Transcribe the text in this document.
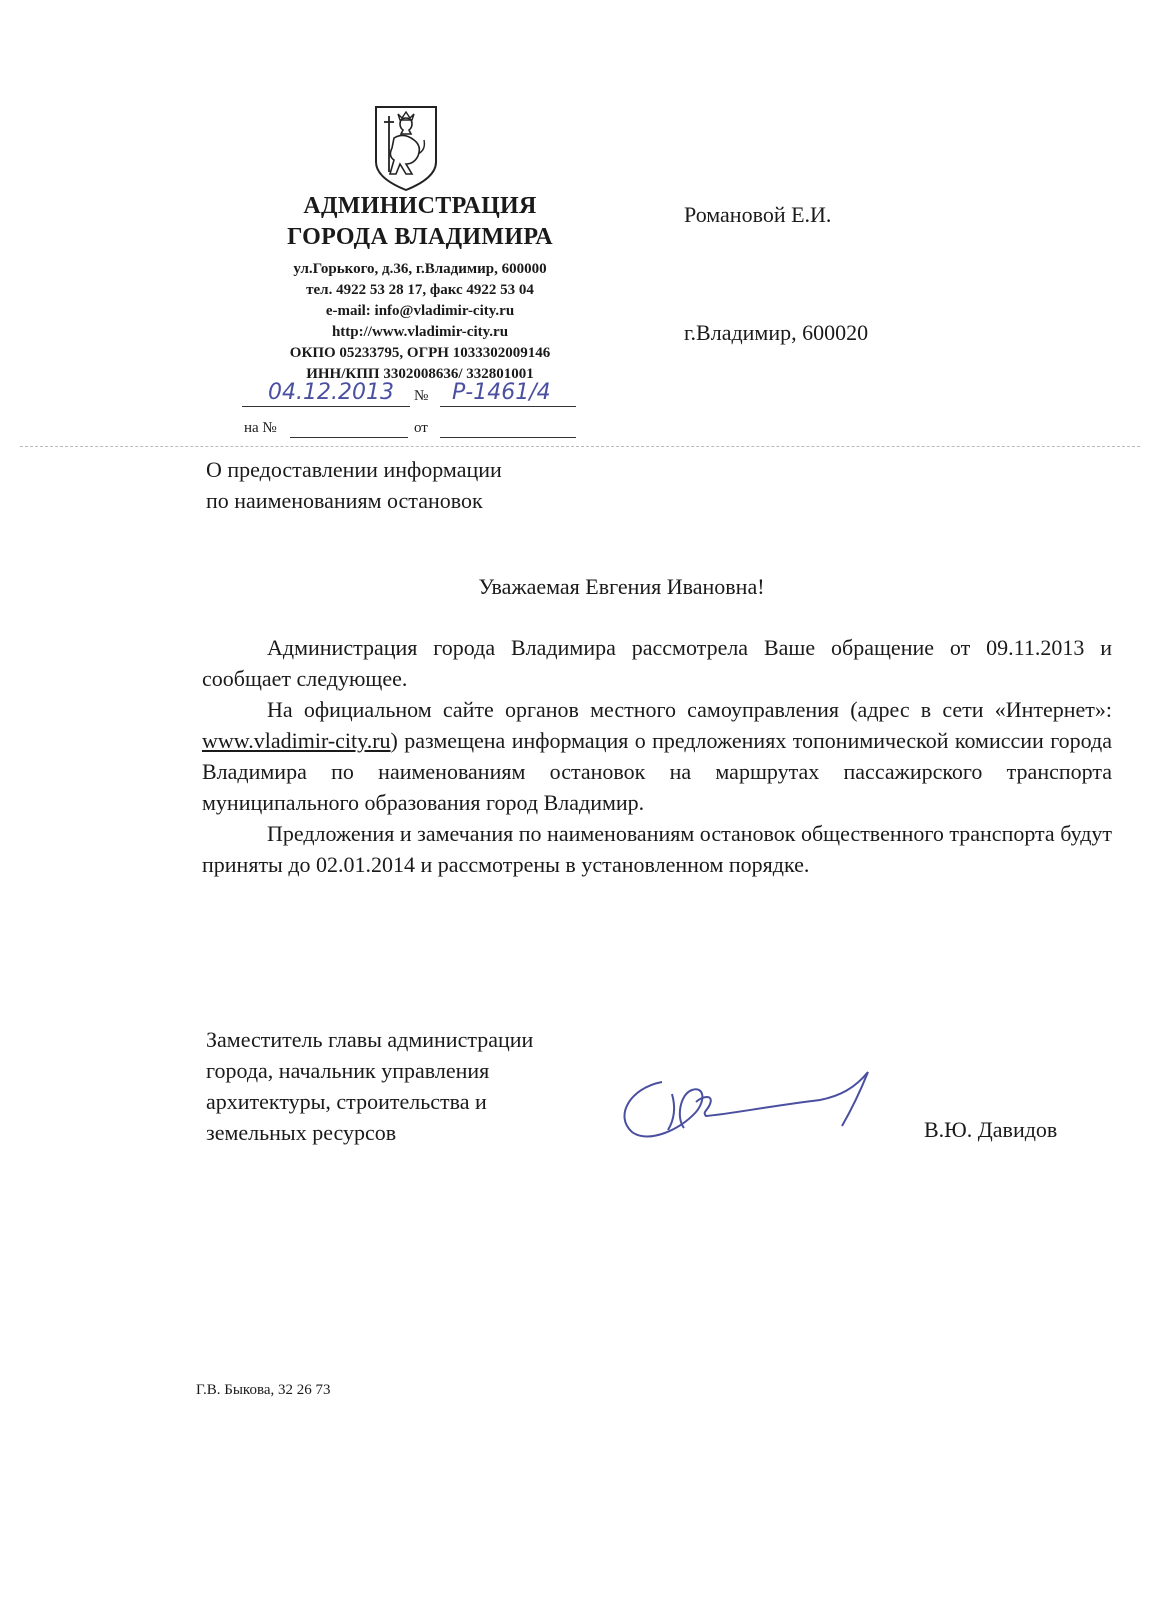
АДМИНИСТРАЦИЯ
ГОРОДА ВЛАДИМИРА
ул.Горького, д.36, г.Владимир, 600000
тел. 4922 53 28 17, факс 4922 53 04
e-mail: info@vladimir-city.ru
http://www.vladimir-city.ru
ОКПО 05233795, ОГРН 1033302009146
ИНН/КПП 3302008636/ 332801001
04.12.2013 № Р-1461/4
на №	от
Романовой Е.И.
г.Владимир, 600020
О предоставлении информации
по наименованиям остановок
Уважаемая Евгения Ивановна!

Администрация города Владимира рассмотрела Ваше обращение от 09.11.2013 и сообщает следующее.

На официальном сайте органов местного самоуправления (адрес в сети «Интернет»: www.vladimir-city.ru) размещена информация о предложениях топонимической комиссии города Владимира по наименованиям остановок на маршрутах пассажирского транспорта муниципального образования город Владимир.

Предложения и замечания по наименованиям остановок общественного транспорта будут приняты до 02.01.2014 и рассмотрены в установленном порядке.

Заместитель главы администрации
города, начальник управления
архитектуры, строительства и
земельных ресурсов	В.Ю. Давидов
Г.В. Быкова, 32 26 73
